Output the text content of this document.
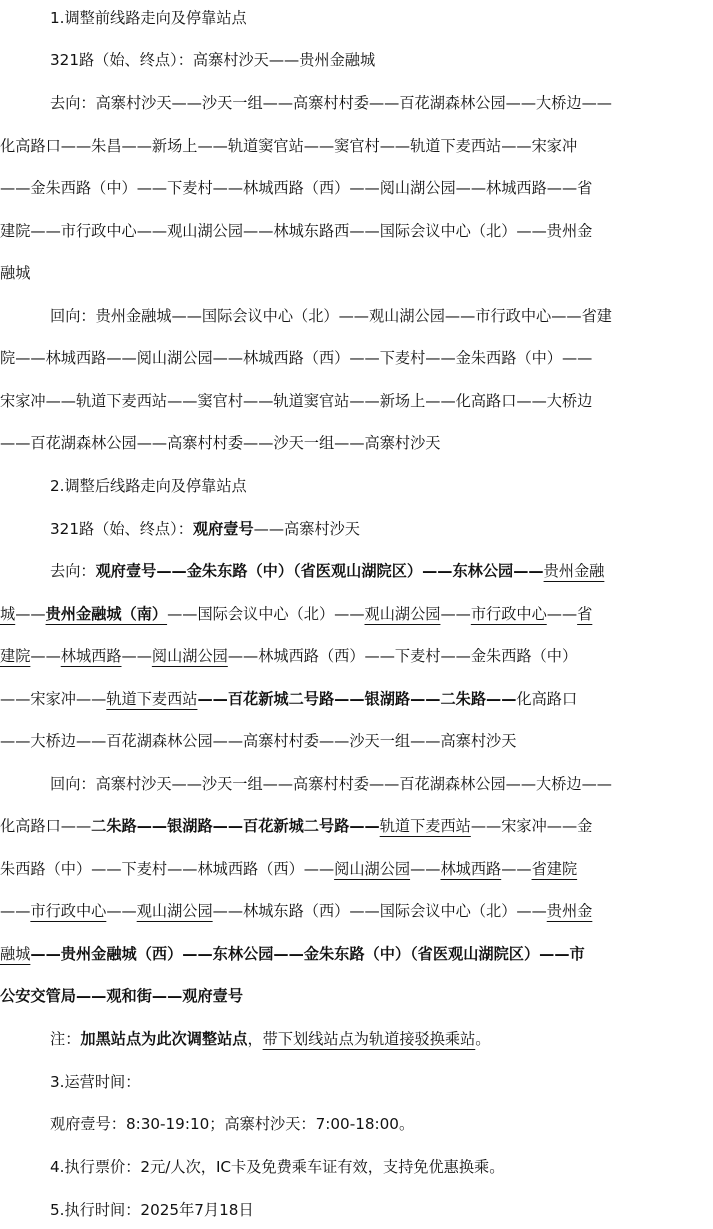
1.调整前线路走向及停靠站点
321路（始、终点）：高寨村沙天——贵州金融城
去向：高寨村沙天——沙天一组——高寨村村委——百花湖森林公园——大桥边——
化高路口——朱昌——新场上——轨道窦官站——窦官村——轨道下麦西站——宋家冲
——金朱西路（中）——下麦村——林城西路（西）——阅山湖公园——林城西路——省
建院——市行政中心——观山湖公园——林城东路西——国际会议中心（北）——贵州金
融城
回向：贵州金融城——国际会议中心（北）——观山湖公园——市行政中心——省建
院——林城西路——阅山湖公园——林城西路（西）——下麦村——金朱西路（中）——
宋家冲——轨道下麦西站——窦官村——轨道窦官站——新场上——化高路口——大桥边
——百花湖森林公园——高寨村村委——沙天一组——高寨村沙天
2.调整后线路走向及停靠站点
321路（始、终点）：观府壹号——高寨村沙天
去向：观府壹号——金朱东路（中）（省医观山湖院区）——东林公园——贵州金融
城——贵州金融城（南）——国际会议中心（北）——观山湖公园——市行政中心——省
建院——林城西路——阅山湖公园——林城西路（西）——下麦村——金朱西路（中）
——宋家冲——轨道下麦西站——百花新城二号路——银湖路——二朱路——化高路口
——大桥边——百花湖森林公园——高寨村村委——沙天一组——高寨村沙天
回向：高寨村沙天——沙天一组——高寨村村委——百花湖森林公园——大桥边——
化高路口——二朱路——银湖路——百花新城二号路——轨道下麦西站——宋家冲——金
朱西路（中）——下麦村——林城西路（西）——阅山湖公园——林城西路——省建院
——市行政中心——观山湖公园——林城东路（西）——国际会议中心（北）——贵州金
融城——贵州金融城（西）——东林公园——金朱东路（中）（省医观山湖院区）——市
公安交管局——观和街——观府壹号
注：加黑站点为此次调整站点，带下划线站点为轨道接驳换乘站。
3.运营时间：
观府壹号：8:30-19:10；高寨村沙天：7:00-18:00。
4.执行票价：2元/人次，IC卡及免费乘车证有效，支持免优惠换乘。
5.执行时间：2025年7月18日
